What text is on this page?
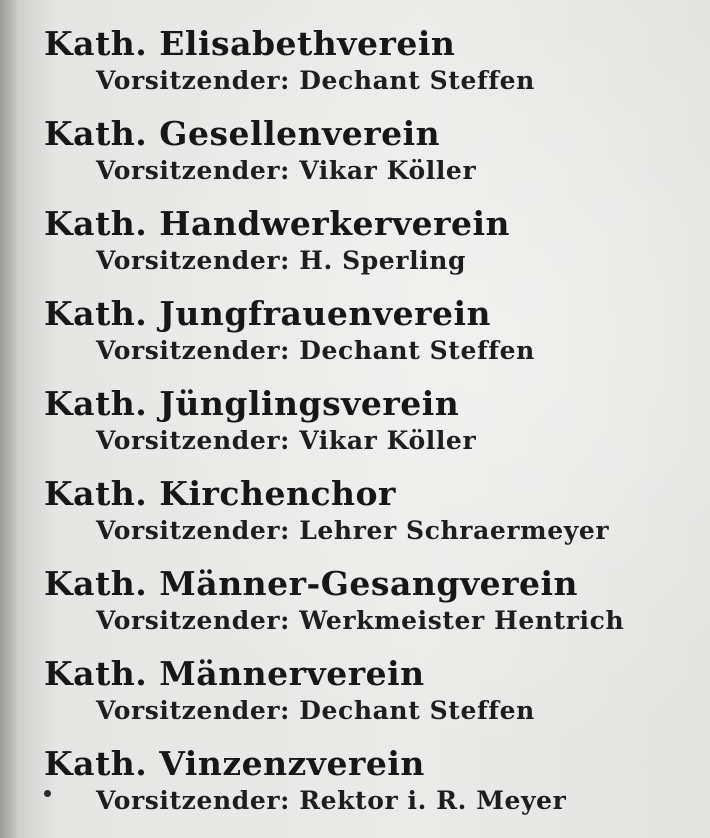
Kath. Elisabethverein
Vorsitzender: Dechant Steffen
Kath. Gesellenverein
Vorsitzender: Vikar Köller
Kath. Handwerkerverein
Vorsitzender: H. Sperling
Kath. Jungfrauenverein
Vorsitzender: Dechant Steffen
Kath. Jünglingsverein
Vorsitzender: Vikar Köller
Kath. Kirchenchor
Vorsitzender: Lehrer Schraermeyer
Kath. Männer-Gesangverein
Vorsitzender: Werkmeister Hentrich
Kath. Männerverein
Vorsitzender: Dechant Steffen
Kath. Vinzenzverein
Vorsitzender: Rektor i. R. Meyer
